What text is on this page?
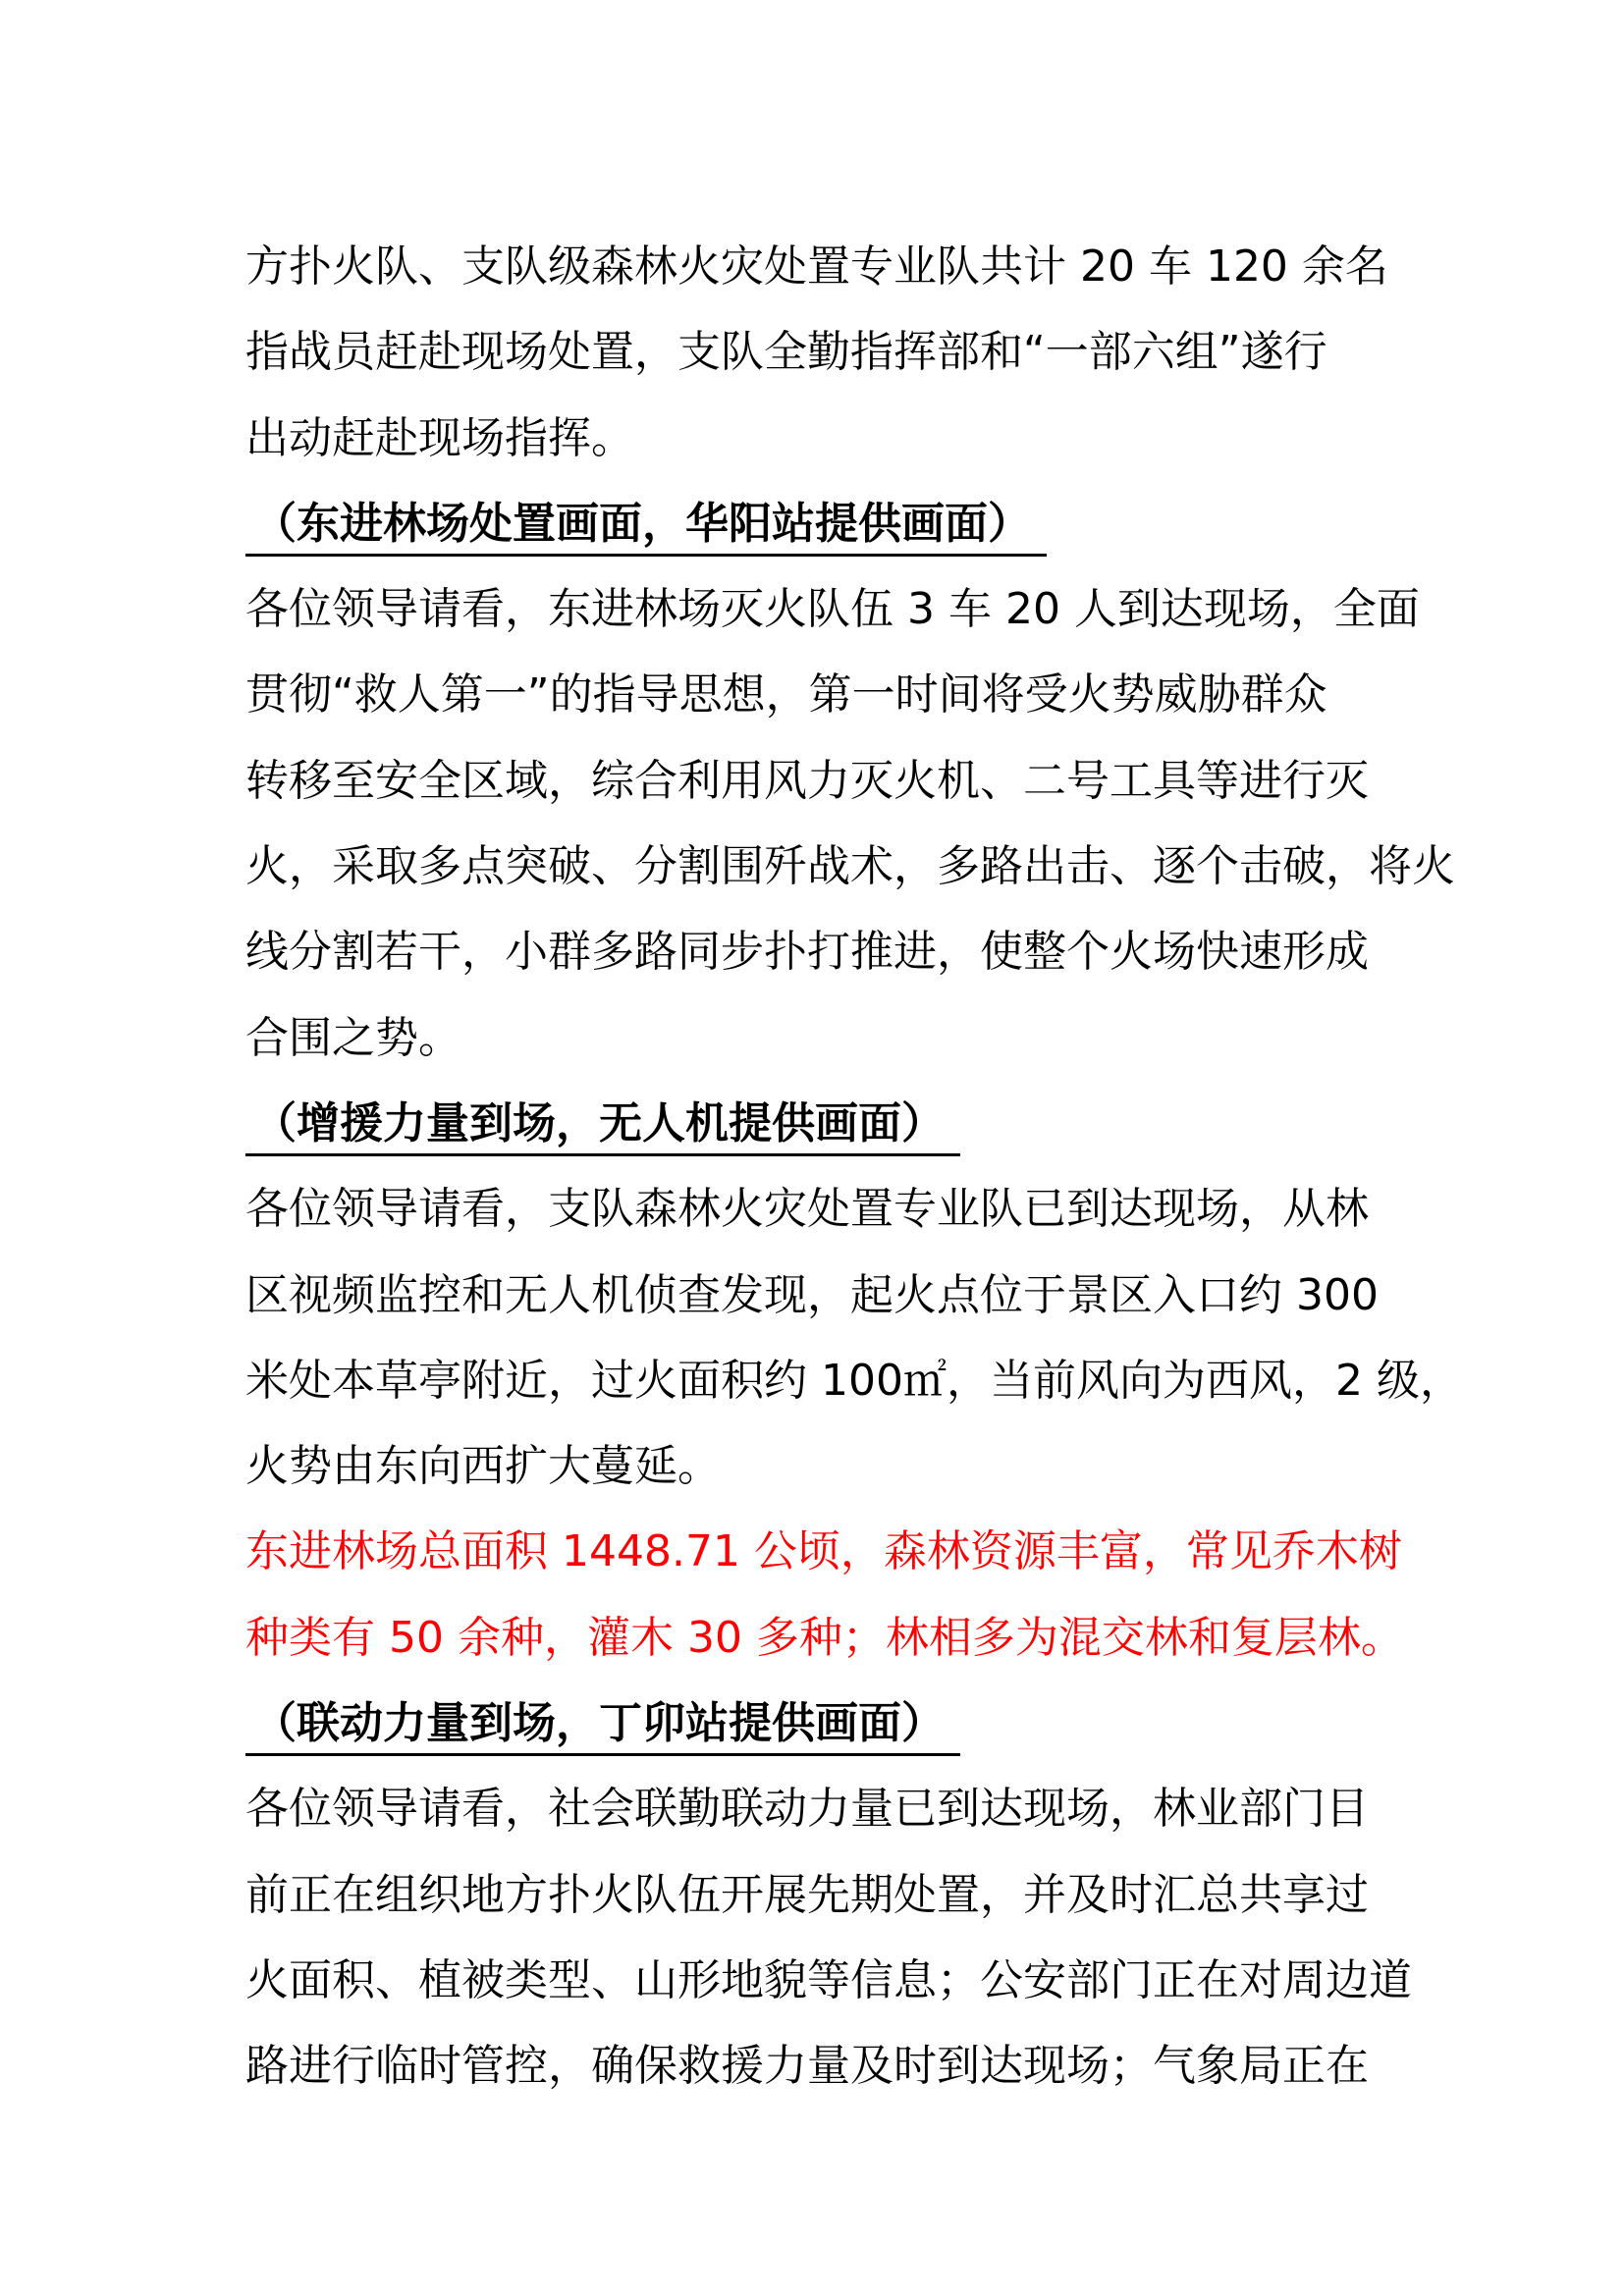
方扑火队、支队级森林火灾处置专业队共计 20 车 120 余名
指战员赶赴现场处置，支队全勤指挥部和“一部六组”遂行
出动赶赴现场指挥。
（东进林场处置画面，华阳站提供画面）
各位领导请看，东进林场灭火队伍 3 车 20 人到达现场，全面
贯彻“救人第一”的指导思想，第一时间将受火势威胁群众
转移至安全区域，综合利用风力灭火机、二号工具等进行灭
火，采取多点突破、分割围歼战术，多路出击、逐个击破，将火
线分割若干，小群多路同步扑打推进，使整个火场快速形成
合围之势。
（增援力量到场，无人机提供画面）
各位领导请看，支队森林火灾处置专业队已到达现场，从林
区视频监控和无人机侦查发现，起火点位于景区入口约 300
米处本草亭附近，过火面积约 100㎡，当前风向为西风，2 级，
火势由东向西扩大蔓延。
东进林场总面积 1448.71 公顷，森林资源丰富，常见乔木树
种类有 50 余种，灌木 30 多种；林相多为混交林和复层林。
（联动力量到场，丁卯站提供画面）
各位领导请看，社会联勤联动力量已到达现场，林业部门目
前正在组织地方扑火队伍开展先期处置，并及时汇总共享过
火面积、植被类型、山形地貌等信息；公安部门正在对周边道
路进行临时管控，确保救援力量及时到达现场；气象局正在
